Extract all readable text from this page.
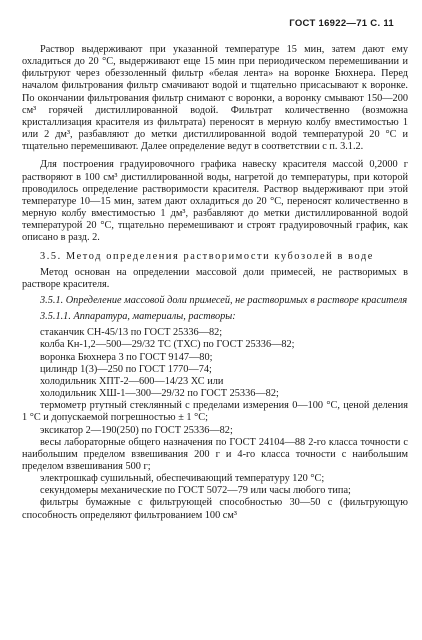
ГОСТ 16922—71 С. 11

Раствор выдерживают при указанной температуре 15 мин, затем дают ему охладиться до 20 °С, выдерживают еще 15 мин при периодическом перемешивании и фильтруют через обеззоленный фильтр «белая лента» на воронке Бюхнера. Перед началом фильтрования фильтр смачивают водой и тщательно присасывают к воронке. По окончании фильтрования фильтр снимают с воронки, а воронку смывают 150—200 см³ горячей дистиллированной водой. Фильтрат количественно (возможна кристаллизация красителя из фильтрата) переносят в мерную колбу вместимостью 1 или 2 дм³, разбавляют до метки дистиллированной водой температурой 20 °С и тщательно перемешивают. Далее определение ведут в соответствии с п. 3.1.2.

Для построения градуировочного графика навеску красителя массой 0,2000 г растворяют в 100 см³ дистиллированной воды, нагретой до температуры, при которой проводилось определение растворимости красителя. Раствор выдерживают при этой температуре 10—15 мин, затем дают охладиться до 20 °С, переносят количественно в мерную колбу вместимостью 1 дм³, разбавляют до метки дистиллированной водой температурой 20 °С, тщательно перемешивают и строят градуировочный график, как описано в разд. 2.

3.5. Метод определения растворимости кубозолей в воде

Метод основан на определении массовой доли примесей, не растворимых в растворе красителя.

3.5.1. Определение массовой доли примесей, не растворимых в растворе красителя

3.5.1.1. Аппаратура, материалы, растворы:

стаканчик СН-45/13 по ГОСТ 25336—82;

колба Кн-1,2—500—29/32 ТС (ТХС) по ГОСТ 25336—82;

воронка Бюхнера 3 по ГОСТ 9147—80;

цилиндр 1(3)—250 по ГОСТ 1770—74;

холодильник ХПТ-2—600—14/23 ХС или

холодильник ХШ-1—300—29/32 по ГОСТ 25336—82;

термометр ртутный стеклянный с пределами измерения 0—100 °С, ценой деления 1 °С и допускаемой погрешностью ± 1 °С;

эксикатор 2—190(250) по ГОСТ 25336—82;

весы лабораторные общего назначения по ГОСТ 24104—88 2-го класса точности с наибольшим пределом взвешивания 200 г и 4-го класса точности с наибольшим пределом взвешивания 500 г;

электрошкаф сушильный, обеспечивающий температуру 120 °С;

секундомеры механические по ГОСТ 5072—79 или часы любого типа;

фильтры бумажные с фильтрующей способностью 30—50 с (фильтрующую способность определяют фильтрованием 100 см³
